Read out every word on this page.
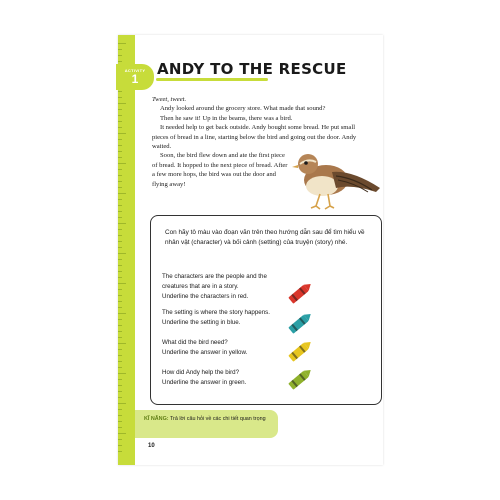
ACTIVITY
1
ANDY TO THE RESCUE

Tweet, tweet.

Andy looked around the grocery store. What made that sound?

Then he saw it! Up in the beams, there was a bird.

It needed help to get back outside. Andy bought some bread. He put small pieces of bread in a line, starting below the bird and going out the door. Andy waited.

Soon, the bird flew down and ate the first piece of bread. It hopped to the next piece of bread. After a few more hops, the bird was out the door and flying away!

Con hãy tô màu vào đoạn văn trên theo hướng dẫn sau để tìm hiểu về nhân vật (character) và bối cảnh (setting) của truyện (story) nhé.
The characters are the people and the
creatures that are in a story.
Underline the characters in red.
The setting is where the story happens.
Underline the setting in blue.
What did the bird need?
Underline the answer in yellow.
How did Andy help the bird?
Underline the answer in green.
KĨ NĂNG: Trả lời câu hỏi về các chi tiết quan trọng
10
